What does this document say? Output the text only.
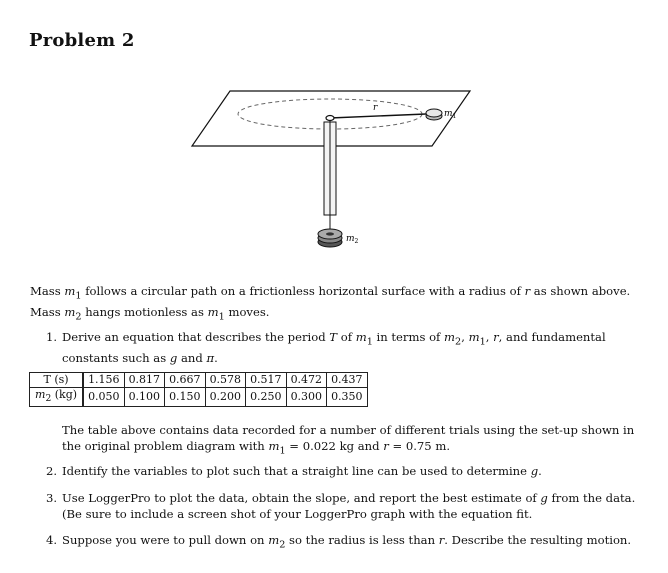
Problem 2
r
$m_1$
$m_2$
Mass $m_1$ follows a circular path on a frictionless horizontal surface with a radius of r as shown above. Mass $m_2$ hangs motionless as $m_1$ moves.
1. Derive an equation that describes the period T of $m_1$ in terms of $m_2$, $m_1$, r, and fundamental constants such as g and π.
T (s)	1.156	0.817	0.667	0.578	0.517	0.472	0.437
$m_2$ (kg)	0.050	0.100	0.150	0.200	0.250	0.300	0.350
The table above contains data recorded for a number of different trials using the set-up shown in the original problem diagram with $m_1 = 0.022$ kg and r = 0.75 m.
2. Identify the variables to plot such that a straight line can be used to determine g.
3. Use LoggerPro to plot the data, obtain the slope, and report the best estimate of g from the data. (Be sure to include a screen shot of your LoggerPro graph with the equation fit.
4. Suppose you were to pull down on $m_2$ so the radius is less than r. Describe the resulting motion.
